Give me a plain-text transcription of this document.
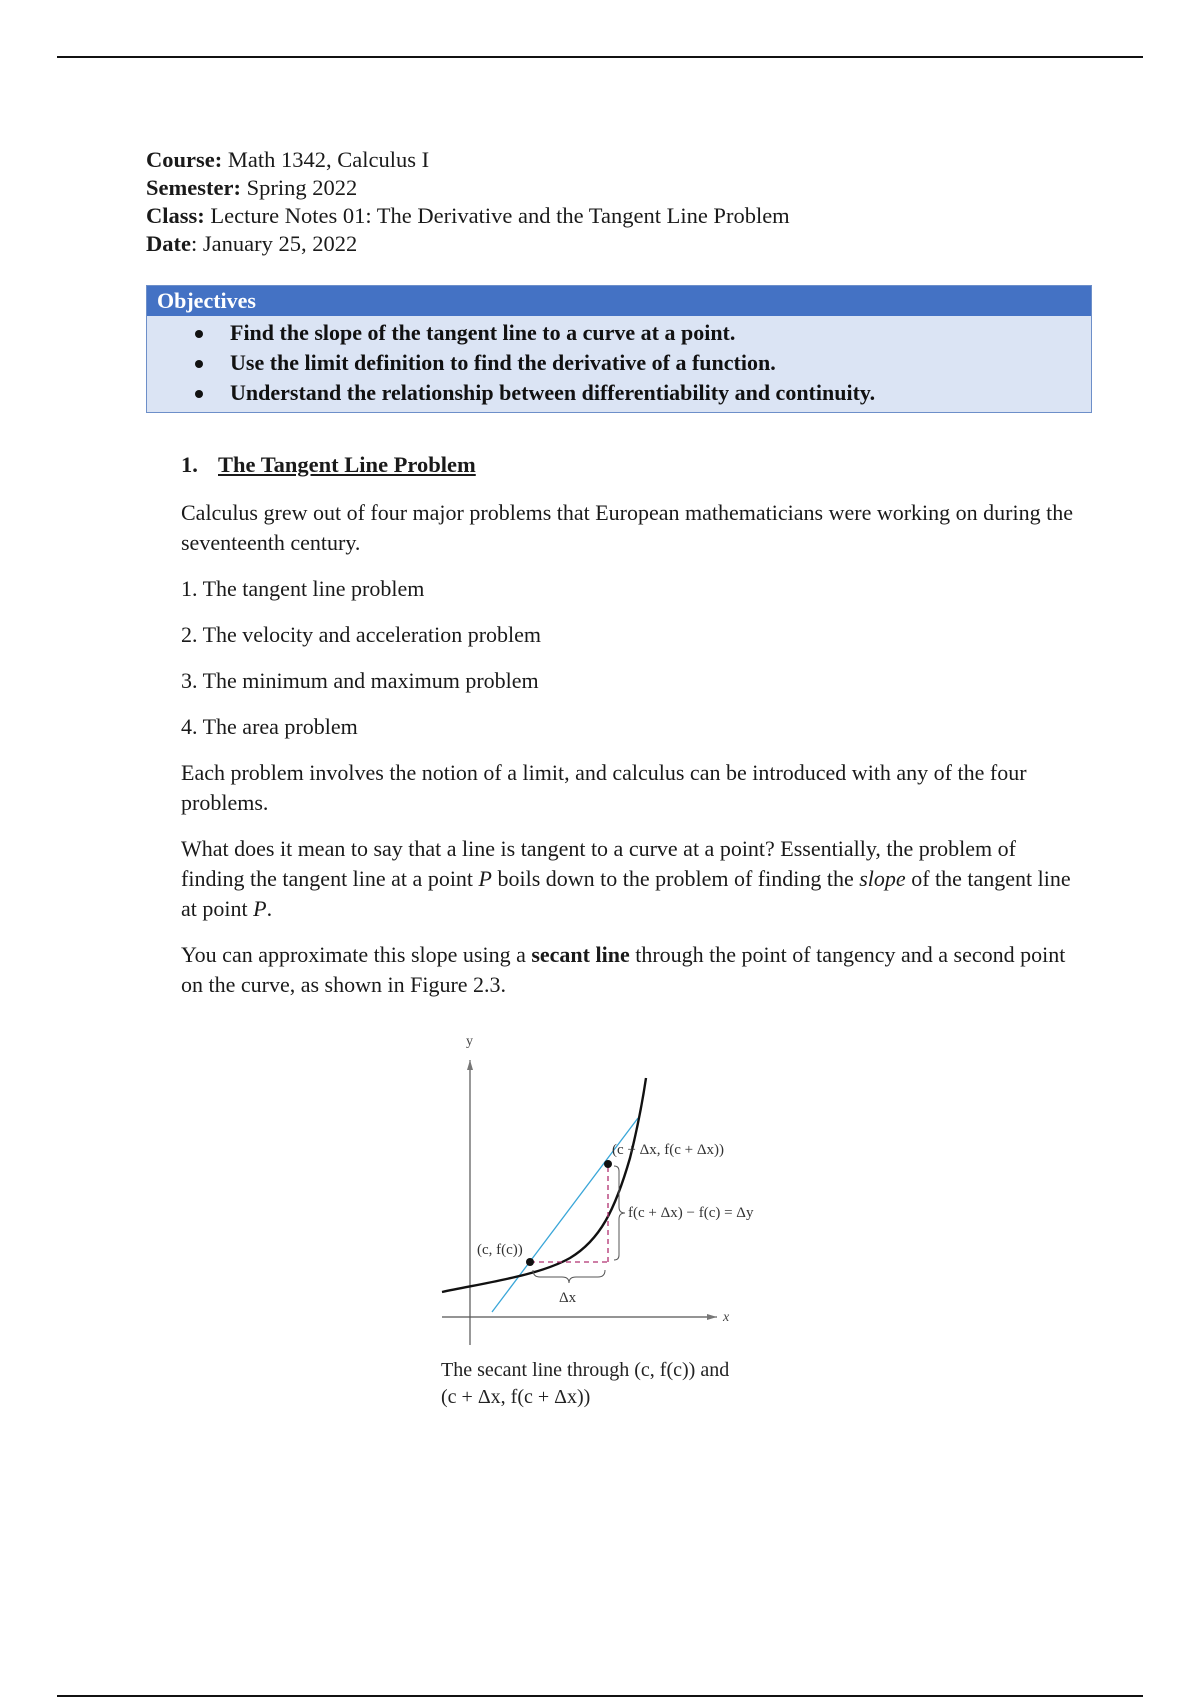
Course: Math 1342, Calculus I
Semester: Spring 2022
Class: Lecture Notes 01: The Derivative and the Tangent Line Problem
Date: January 25, 2022
Objectives
Find the slope of the tangent line to a curve at a point.
Use the limit definition to find the derivative of a function.
Understand the relationship between differentiability and continuity.
1. The Tangent Line Problem

Calculus grew out of four major problems that European mathematicians were working on during the seventeenth century.

1. The tangent line problem
2. The velocity and acceleration problem
3. The minimum and maximum problem
4. The area problem

Each problem involves the notion of a limit, and calculus can be introduced with any of the four problems.

What does it mean to say that a line is tangent to a curve at a point? Essentially, the problem of finding the tangent line at a point P boils down to the problem of finding the slope of the tangent line at point P.

You can approximate this slope using a secant line through the point of tangency and a second point on the curve, as shown in Figure 2.3.

y
x
(c, f(c))
(c + Δx, f(c + Δx))
f(c + Δx) − f(c) = Δy
Δx
The secant line through (c, f(c)) and
(c + Δx, f(c + Δx))
